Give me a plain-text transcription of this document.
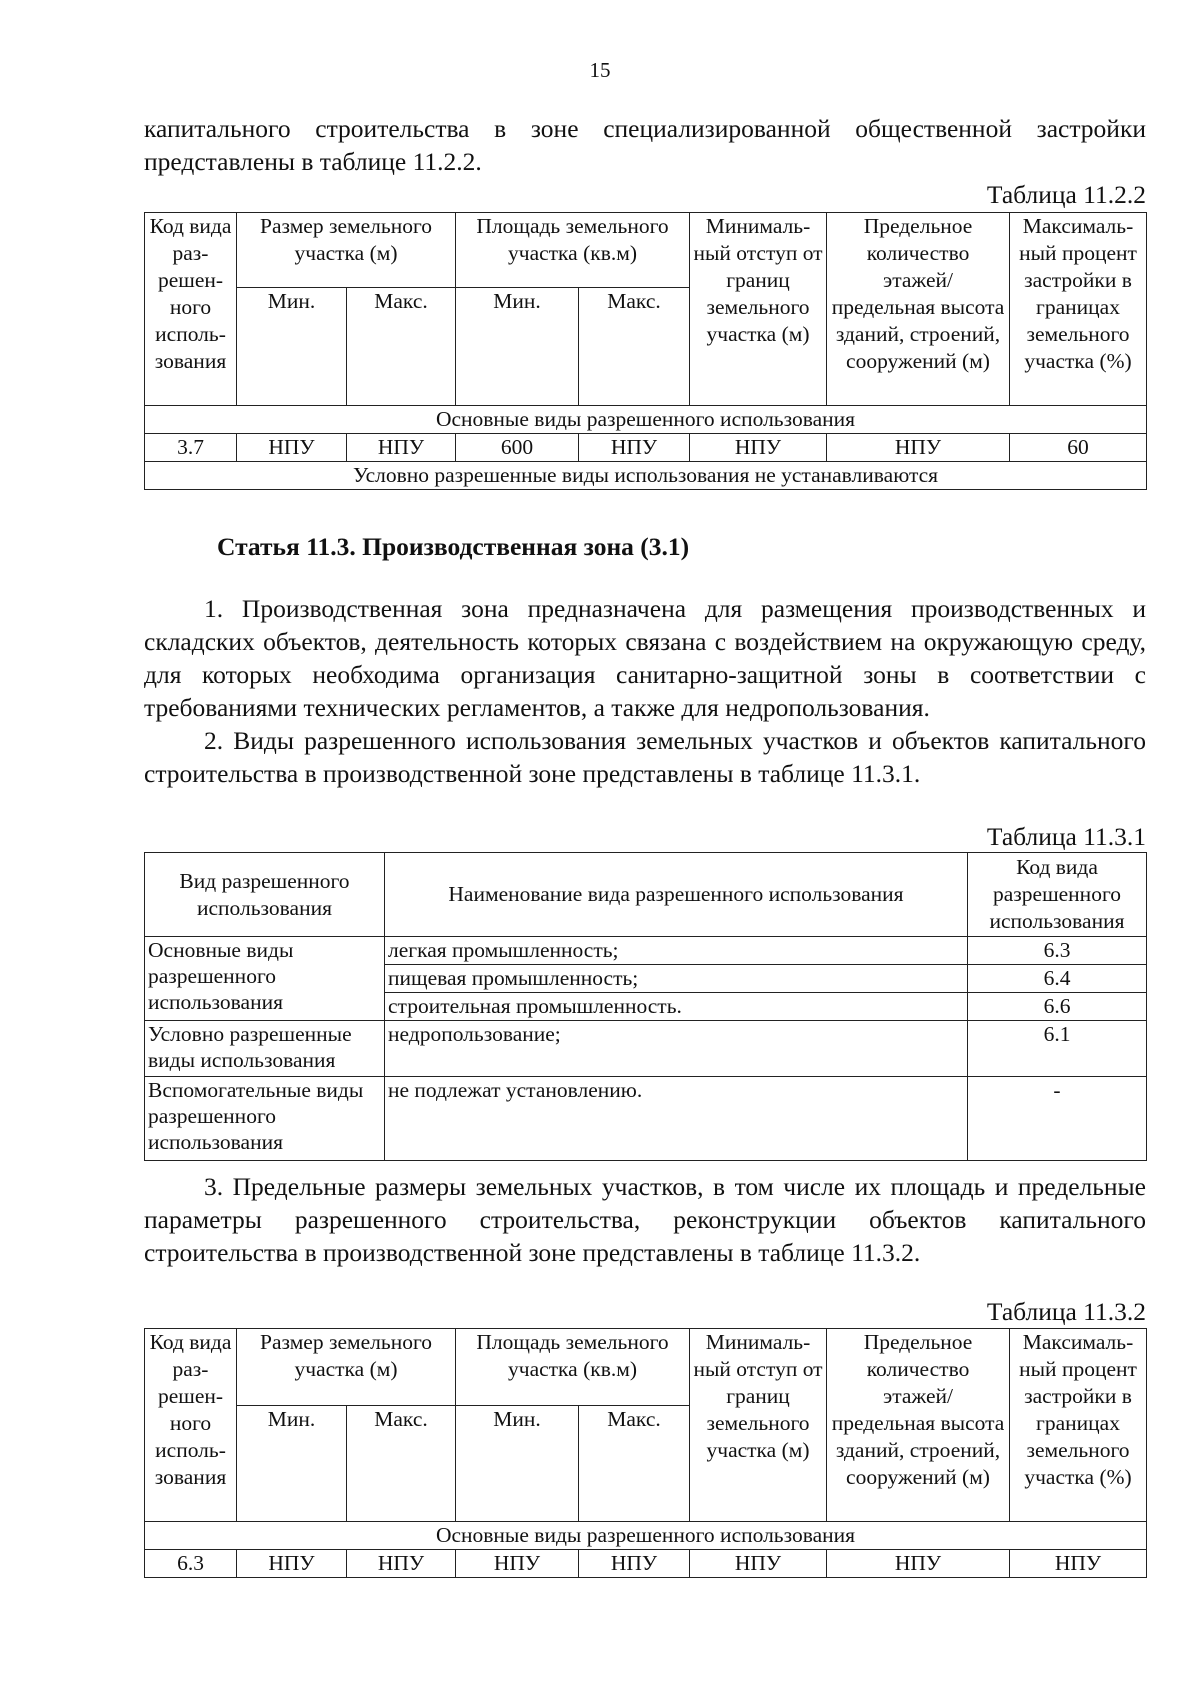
15

капитального строительства в зоне специализированной общественной застройки представлены в таблице 11.2.2.

Таблица 11.2.2
Код вида раз-решен-ного исполь-зования	Размер земельного участка (м)		Площадь земельного участка (кв.м)		Минималь-ный отступ от границ земельного участка (м)	Предельное количество этажей/ предельная высота зданий, строений, сооружений (м)	Максималь-ный процент застройки в границах земельного участка (%)
	Мин.	Макс.	Мин.	Макс.			
Основные виды разрешенного использования							
3.7	НПУ	НПУ	600	НПУ	НПУ	НПУ	60
Условно разрешенные виды использования не устанавливаются							
Статья 11.3. Производственная зона (3.1)

1. Производственная зона предназначена для размещения производственных и складских объектов, деятельность которых связана с воздействием на окружающую среду, для которых необходима организация санитарно-защитной зоны в соответствии с требованиями технических регламентов, а также для недропользования.

2. Виды разрешенного использования земельных участков и объектов капитального строительства в производственной зоне представлены в таблице 11.3.1.

Таблица 11.3.1
Вид разрешенного использования	Наименование вида разрешенного использования	Код вида разрешенного использования
Основные виды разрешенного использования	легкая промышленность;	6.3
	пищевая промышленность;	6.4
	строительная промышленность.	6.6
Условно разрешенные виды использования	недропользование;	6.1
Вспомогательные виды разрешенного использования	не подлежат установлению.	-

3. Предельные размеры земельных участков, в том числе их площадь и предельные параметры разрешенного строительства, реконструкции объектов капитального строительства в производственной зоне представлены в таблице 11.3.2.

Таблица 11.3.2
Код вида раз-решен-ного исполь-зования	Размер земельного участка (м)		Площадь земельного участка (кв.м)		Минималь-ный отступ от границ земельного участка (м)	Предельное количество этажей/ предельная высота зданий, строений, сооружений (м)	Максималь-ный процент застройки в границах земельного участка (%)
	Мин.	Макс.	Мин.	Макс.			
Основные виды разрешенного использования							
6.3	НПУ	НПУ	НПУ	НПУ	НПУ	НПУ	НПУ
